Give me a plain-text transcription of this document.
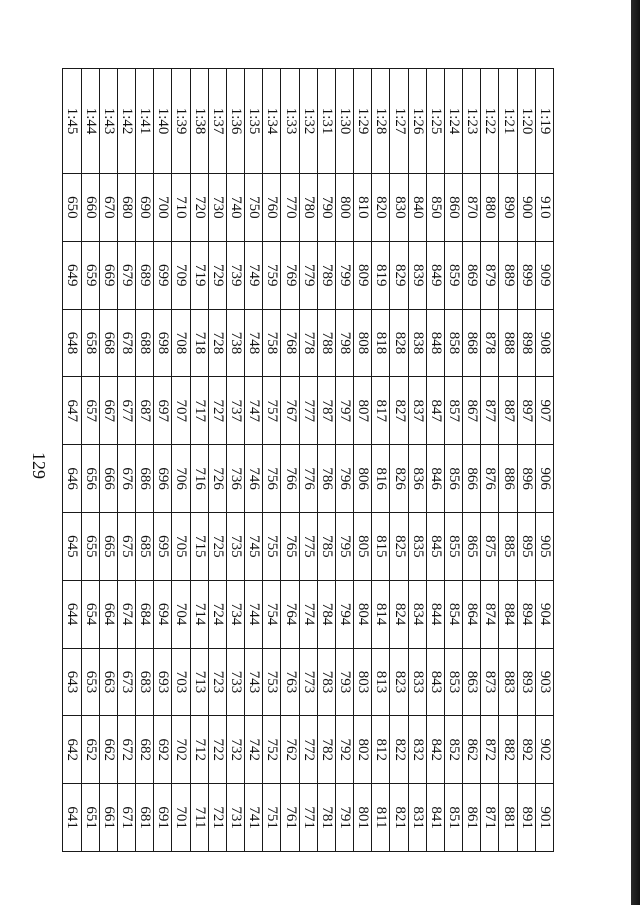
129
1:19	910	909	908	907	906	905	904	903	902	901
1:20	900	899	898	897	896	895	894	893	892	891
1:21	890	889	888	887	886	885	884	883	882	881
1:22	880	879	878	877	876	875	874	873	872	871
1:23	870	869	868	867	866	865	864	863	862	861
1:24	860	859	858	857	856	855	854	853	852	851
1:25	850	849	848	847	846	845	844	843	842	841
1:26	840	839	838	837	836	835	834	833	832	831
1:27	830	829	828	827	826	825	824	823	822	821
1:28	820	819	818	817	816	815	814	813	812	811
1:29	810	809	808	807	806	805	804	803	802	801
1:30	800	799	798	797	796	795	794	793	792	791
1:31	790	789	788	787	786	785	784	783	782	781
1:32	780	779	778	777	776	775	774	773	772	771
1:33	770	769	768	767	766	765	764	763	762	761
1:34	760	759	758	757	756	755	754	753	752	751
1:35	750	749	748	747	746	745	744	743	742	741
1:36	740	739	738	737	736	735	734	733	732	731
1:37	730	729	728	727	726	725	724	723	722	721
1:38	720	719	718	717	716	715	714	713	712	711
1:39	710	709	708	707	706	705	704	703	702	701
1:40	700	699	698	697	696	695	694	693	692	691
1:41	690	689	688	687	686	685	684	683	682	681
1:42	680	679	678	677	676	675	674	673	672	671
1:43	670	669	668	667	666	665	664	663	662	661
1:44	660	659	658	657	656	655	654	653	652	651
1:45	650	649	648	647	646	645	644	643	642	641
